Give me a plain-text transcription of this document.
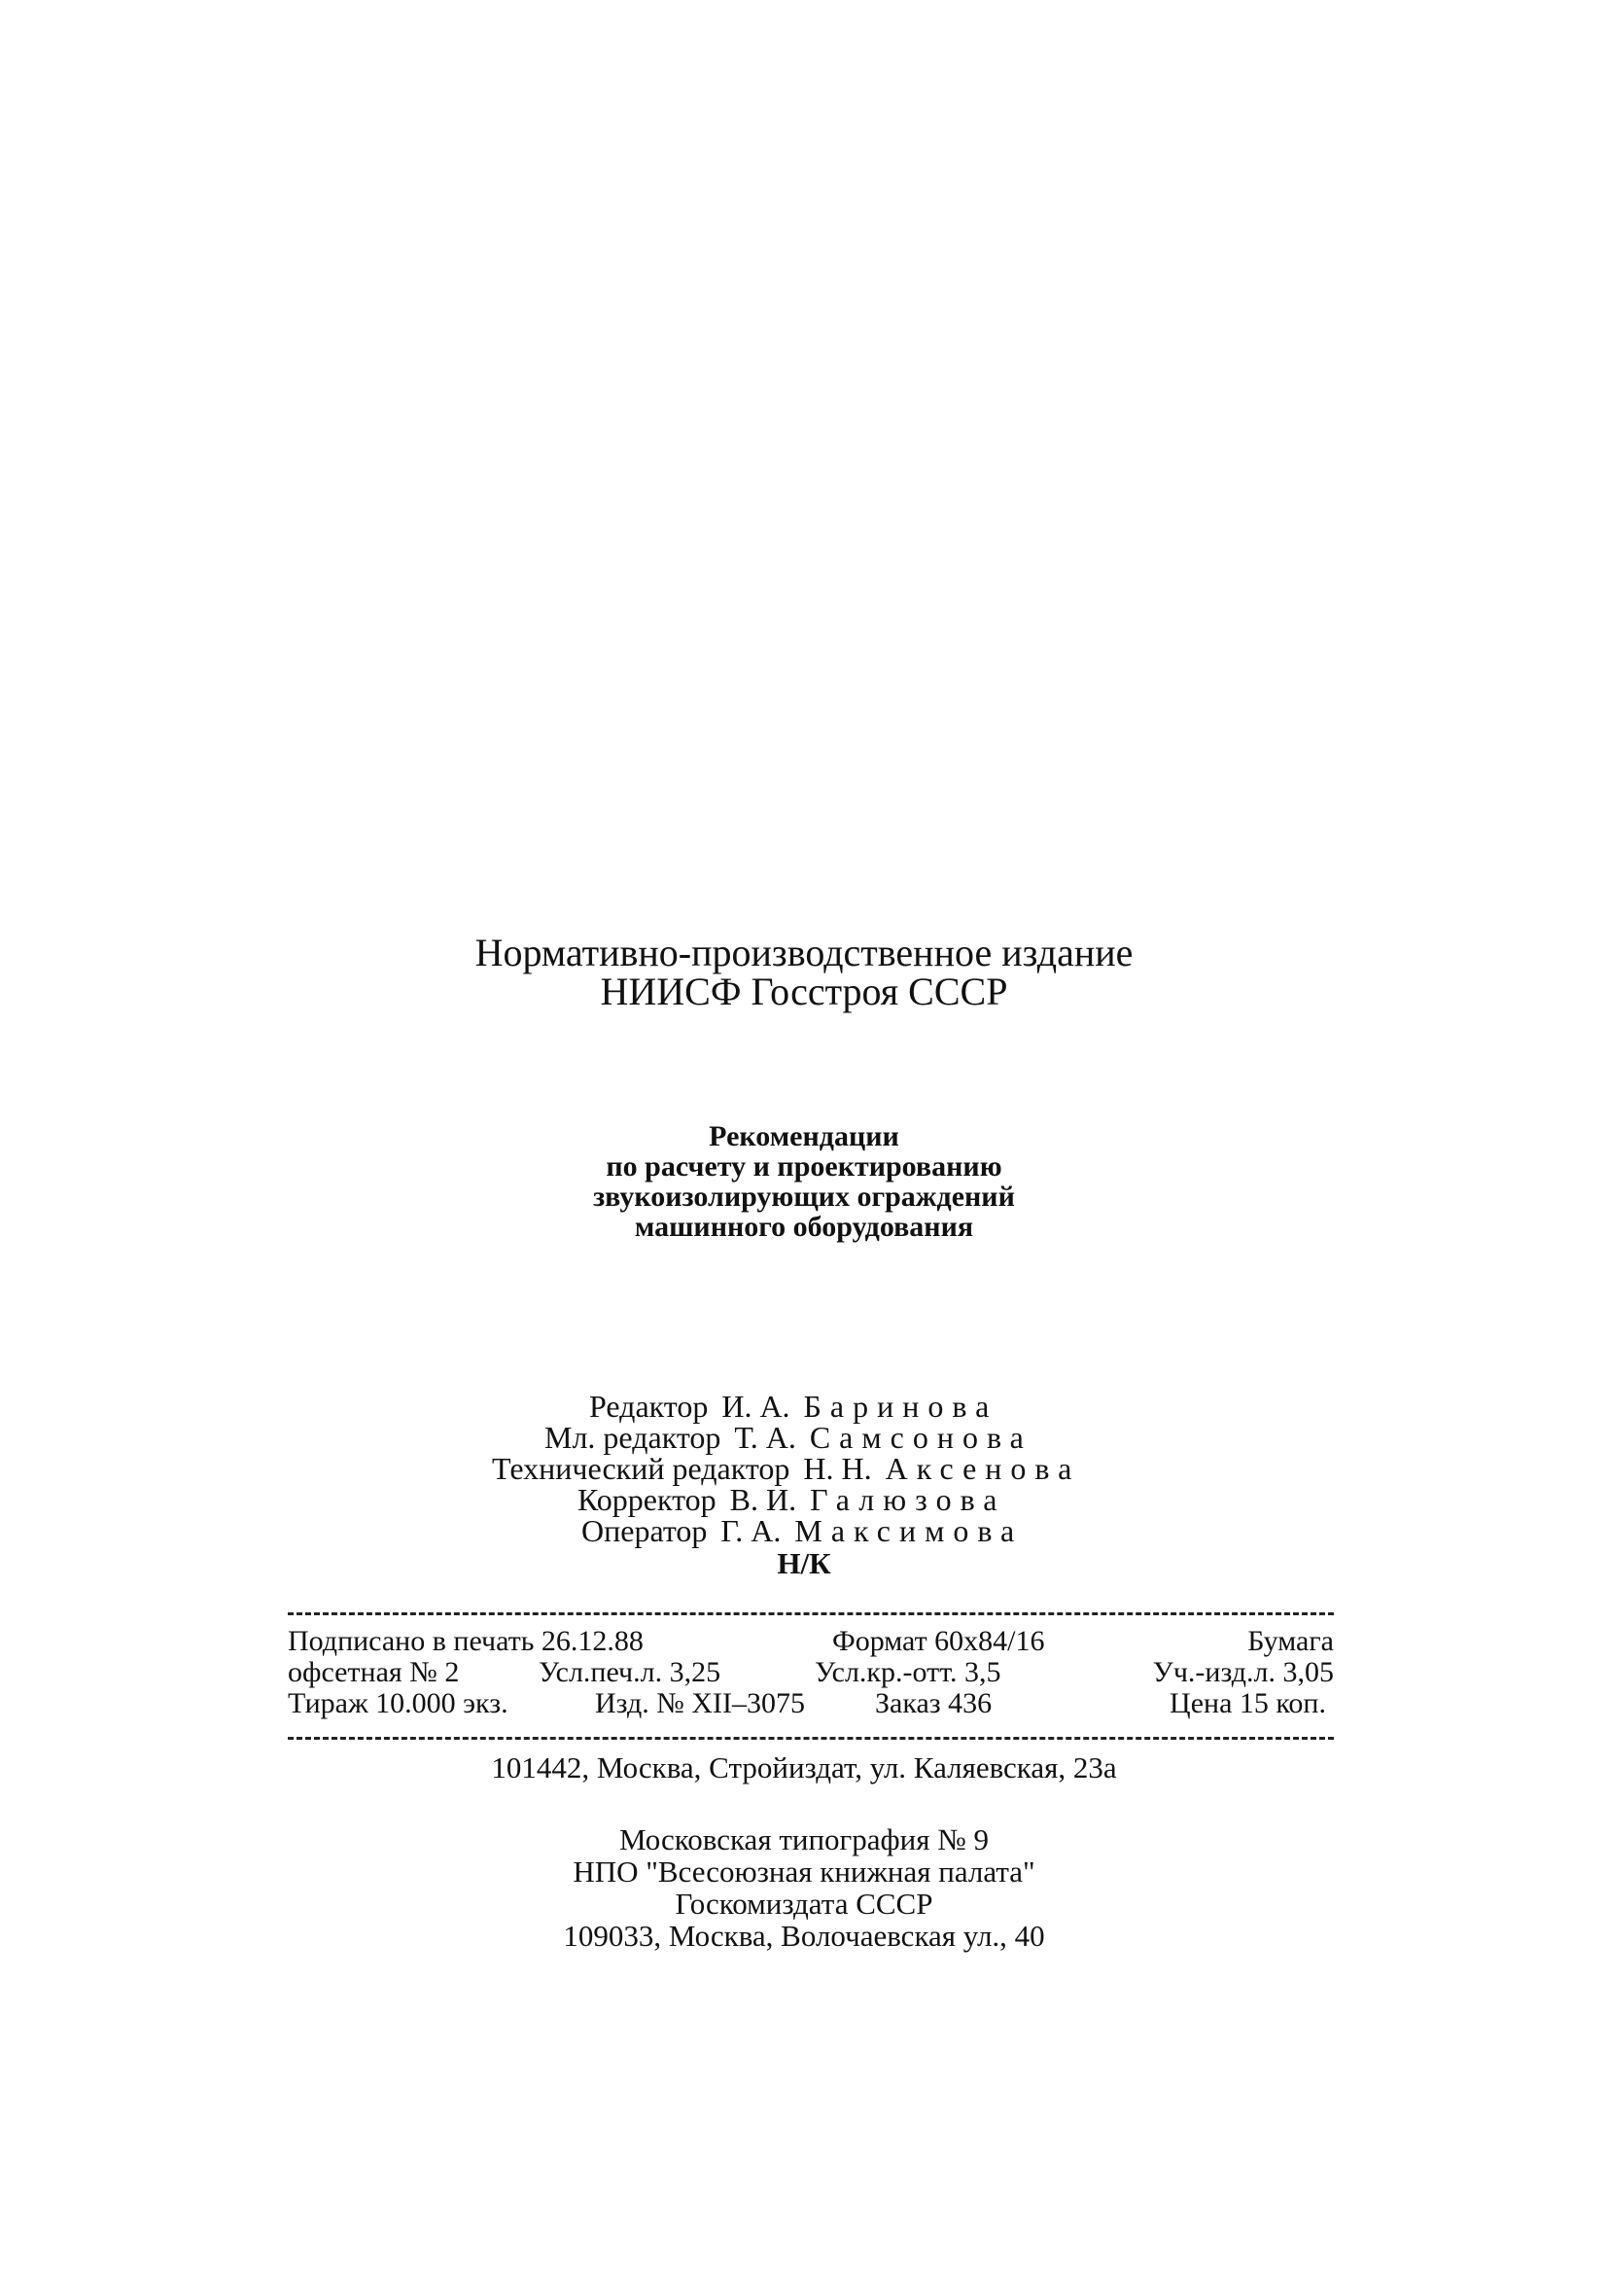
Нормативно-производственное издание
НИИСФ Госстроя СССР
Рекомендации
по расчету и проектированию
звукоизолирующих ограждений
машинного оборудования
Редактор И. А. Баринова
Мл. редактор Т. А. Самсонова
Технический редактор Н. Н. Аксенова
Корректор В. И. Галюзова
Оператор Г. А. Максимова
Н/К
Подписано в печать 26.12.88	Формат 60х84/16	Бумага
офсетная № 2	Усл.печ.л. 3,25	Усл.кр.-отт. 3,5	Уч.-изд.л. 3,05
Тираж 10.000 экз.	Изд. № XII–3075 Заказ 436	Цена 15 коп.
101442, Москва, Стройиздат, ул. Каляевская, 23а
Московская типография № 9
НПО "Всесоюзная книжная палата"
Госкомиздата СССР
109033, Москва, Волочаевская ул., 40
